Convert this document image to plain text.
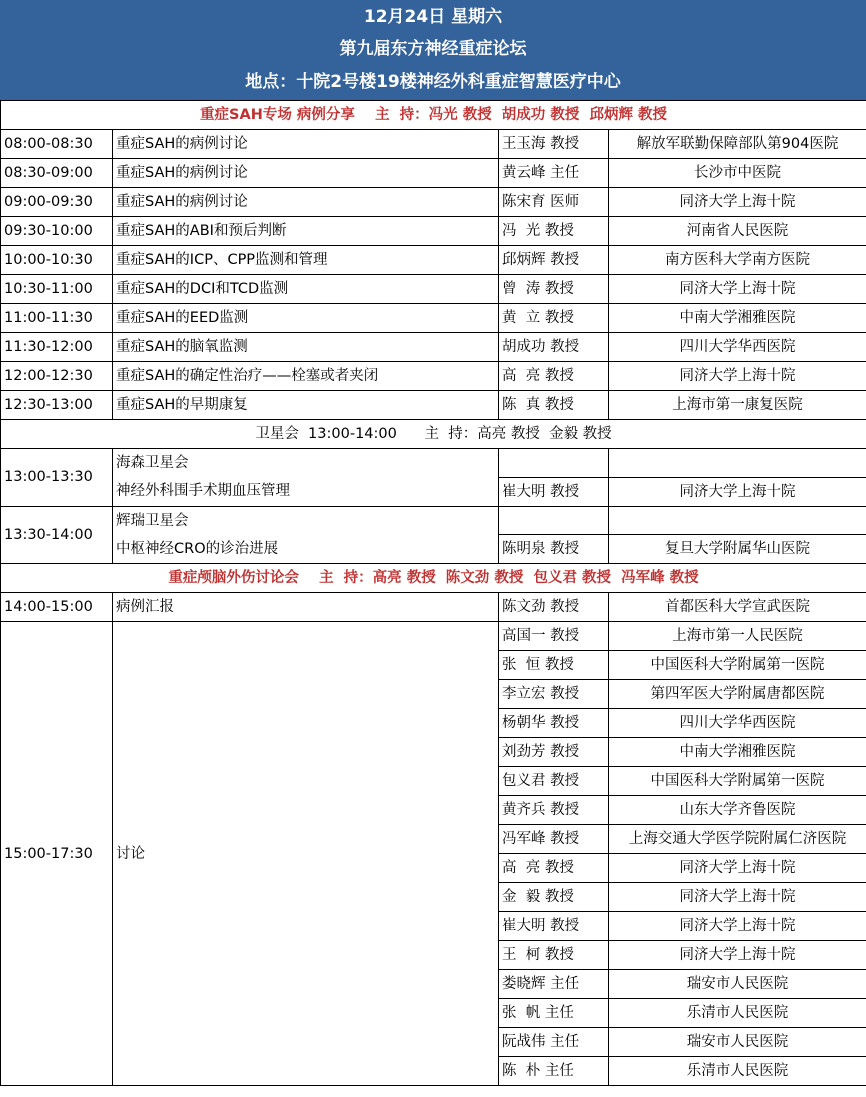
12月24日 星期六
第九届东方神经重症论坛
地点：十院2号楼19楼神经外科重症智慧医疗中心
重症SAH专场 病例分享    主  持：冯光 教授  胡成功 教授  邱炳辉 教授			
08:00-08:30	重症SAH的病例讨论	王玉海 教授	解放军联勤保障部队第904医院
08:30-09:00	重症SAH的病例讨论	黄云峰 主任	长沙市中医院
09:00-09:30	重症SAH的病例讨论	陈宋育 医师	同济大学上海十院
09:30-10:00	重症SAH的ABI和预后判断	冯  光 教授	河南省人民医院
10:00-10:30	重症SAH的ICP、CPP监测和管理	邱炳辉 教授	南方医科大学南方医院
10:30-11:00	重症SAH的DCI和TCD监测	曾  涛 教授	同济大学上海十院
11:00-11:30	重症SAH的EED监测	黄  立 教授	中南大学湘雅医院
11:30-12:00	重症SAH的脑氧监测	胡成功 教授	四川大学华西医院
12:00-12:30	重症SAH的确定性治疗——栓塞或者夹闭	高  亮 教授	同济大学上海十院
12:30-13:00	重症SAH的早期康复	陈  真 教授	上海市第一康复医院
卫星会  13:00-14:00      主  持：高亮 教授  金毅 教授			
13:00-13:30	海森卫星会		
	神经外科围手术期血压管理	崔大明 教授	同济大学上海十院
13:30-14:00	辉瑞卫星会		
	中枢神经CRO的诊治进展	陈明泉 教授	复旦大学附属华山医院
重症颅脑外伤讨论会    主  持：高亮 教授  陈文劲 教授  包义君 教授  冯军峰 教授			
14:00-15:00	病例汇报	陈文劲 教授	首都医科大学宣武医院
15:00-17:30	讨论	高国一 教授	上海市第一人民医院
		张  恒 教授	中国医科大学附属第一医院
		李立宏 教授	第四军医大学附属唐都医院
		杨朝华 教授	四川大学华西医院
		刘劲芳 教授	中南大学湘雅医院
		包义君 教授	中国医科大学附属第一医院
		黄齐兵 教授	山东大学齐鲁医院
		冯军峰 教授	上海交通大学医学院附属仁济医院
		高  亮 教授	同济大学上海十院
		金  毅 教授	同济大学上海十院
		崔大明 教授	同济大学上海十院
		王  柯 教授	同济大学上海十院
		娄晓辉 主任	瑞安市人民医院
		张  帆 主任	乐清市人民医院
		阮战伟 主任	瑞安市人民医院
		陈  朴 主任	乐清市人民医院
